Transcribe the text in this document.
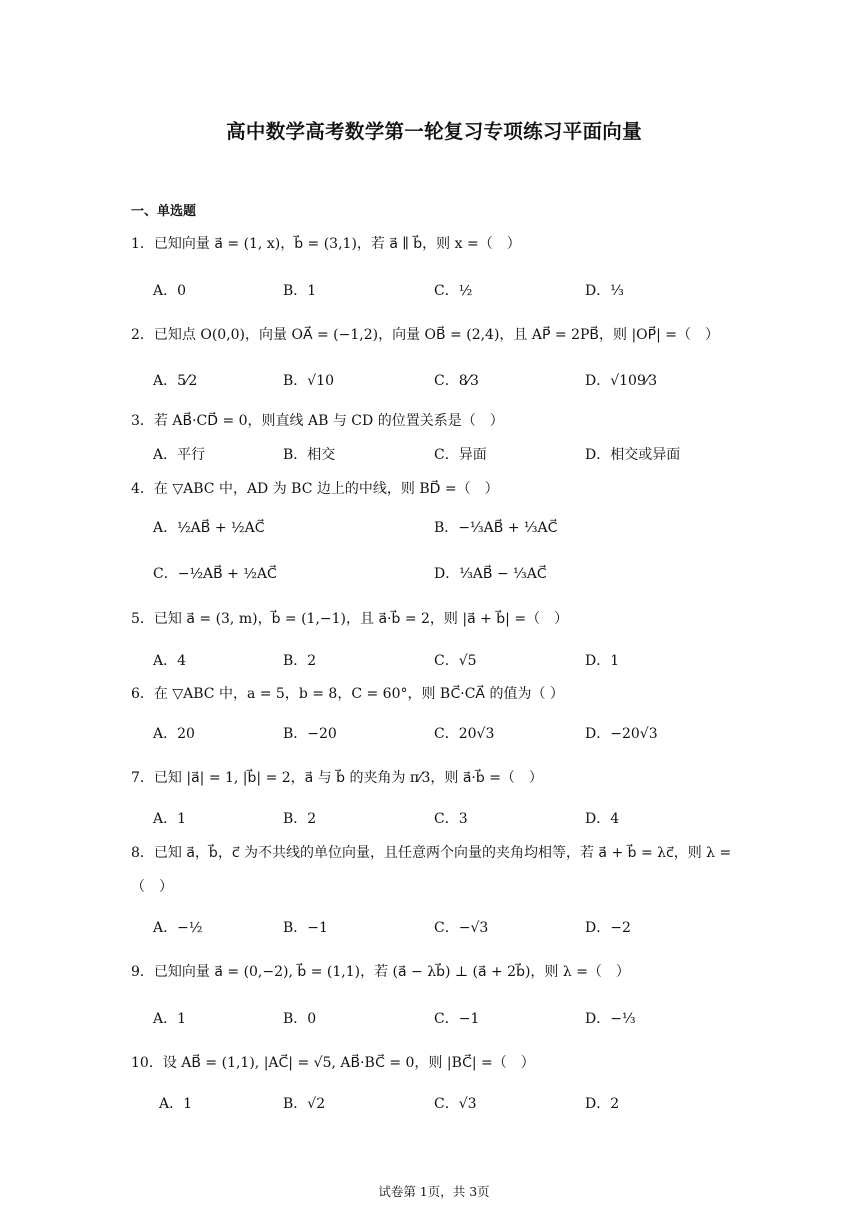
高中数学高考数学第一轮复习专项练习平面向量
一、单选题
1．已知向量 a⃗ = (1, x)，b⃗ = (3,1)，若 a⃗ ∥ b⃗，则 x =（　）
A．0	B．1	C．½	D．⅓
2．已知点 O(0,0)，向量 OA⃗ = (−1,2)，向量 OB⃗ = (2,4)，且 AP⃗ = 2PB⃗，则 |OP⃗| =（　）
A．5⁄2	B．√10	C．8⁄3	D．√109⁄3
3．若 AB⃗·CD⃗ = 0，则直线 AB 与 CD 的位置关系是（　）
A．平行	B．相交	C．异面	D．相交或异面
4．在 ▽ABC 中，AD 为 BC 边上的中线，则 BD⃗ =（　）
A．½AB⃗ + ½AC⃗	B．−⅓AB⃗ + ⅓AC⃗
C．−½AB⃗ + ½AC⃗	D．⅓AB⃗ − ⅓AC⃗
5．已知 a⃗ = (3, m)，b⃗ = (1,−1)，且 a⃗·b⃗ = 2，则 |a⃗ + b⃗| =（　）
A．4	B．2	C．√5	D．1
6．在 ▽ABC 中，a = 5，b = 8，C = 60°，则 BC⃗·CA⃗ 的值为（ ）
A．20	B．−20	C．20√3	D．−20√3
7．已知 |a⃗| = 1, |b⃗| = 2，a⃗ 与 b⃗ 的夹角为 π⁄3，则 a⃗·b⃗ =（　）
A．1	B．2	C．3	D．4
8．已知 a⃗，b⃗，c⃗ 为不共线的单位向量，且任意两个向量的夹角均相等，若 a⃗ + b⃗ = λc⃗，则 λ =
（　）
A．−½	B．−1	C．−√3	D．−2
9．已知向量 a⃗ = (0,−2), b⃗ = (1,1)，若 (a⃗ − λb⃗) ⊥ (a⃗ + 2b⃗)，则 λ =（　）
A．1	B．0	C．−1	D．−⅓
10．设 AB⃗ = (1,1), |AC⃗| = √5, AB⃗·BC⃗ = 0，则 |BC⃗| =（　）
A．1	B．√2	C．√3	D．2
试卷第 1页，共 3页
